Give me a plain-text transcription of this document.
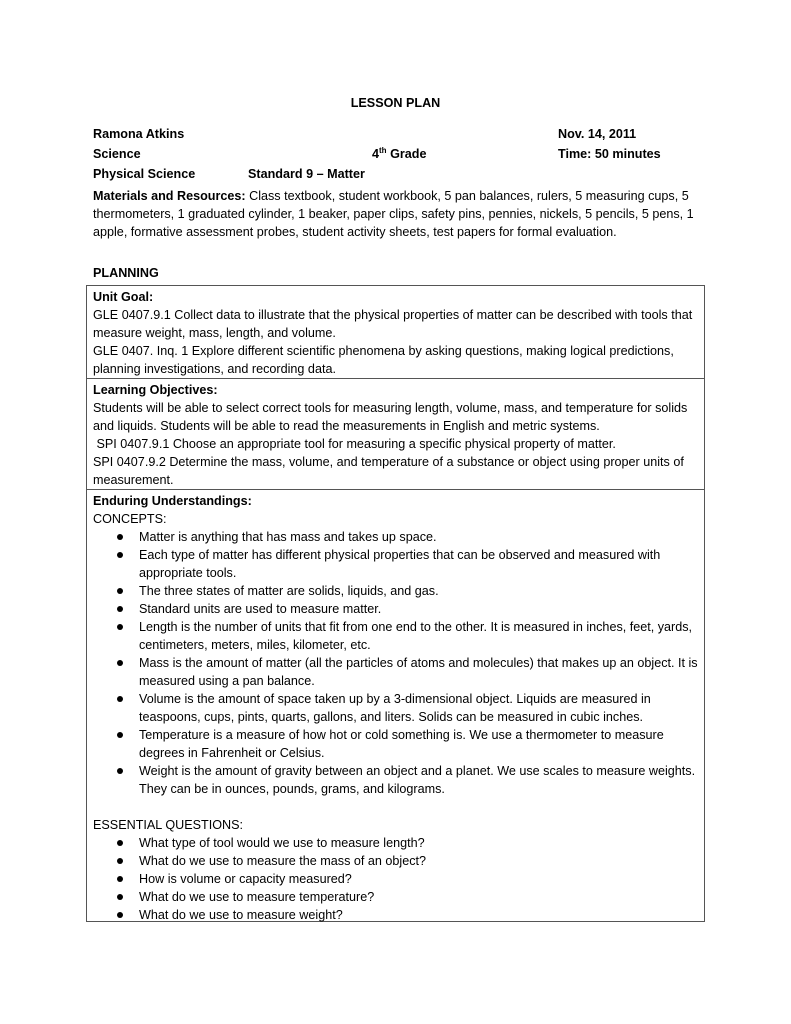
LESSON PLAN
Ramona Atkins	Nov. 14, 2011
Science	4th Grade	Time: 50 minutes
Physical Science	Standard 9 – Matter
Materials and Resources: Class textbook, student workbook, 5 pan balances, rulers, 5 measuring cups, 5 thermometers, 1 graduated cylinder, 1 beaker, paper clips, safety pins, pennies, nickels, 5 pencils, 5 pens, 1 apple, formative assessment probes, student activity sheets, test papers for formal evaluation.
PLANNING

Unit Goal:

GLE 0407.9.1 Collect data to illustrate that the physical properties of matter can be described with tools that measure weight, mass, length, and volume.

GLE 0407. Inq. 1 Explore different scientific phenomena by asking questions, making logical predictions, planning investigations, and recording data.

Learning Objectives:

Students will be able to select correct tools for measuring length, volume, mass, and temperature for solids and liquids. Students will be able to read the measurements in English and metric systems.

SPI 0407.9.1 Choose an appropriate tool for measuring a specific physical property of matter.

SPI 0407.9.2 Determine the mass, volume, and temperature of a substance or object using proper units of measurement.

Enduring Understandings:

CONCEPTS:

Matter is anything that has mass and takes up space.
Each type of matter has different physical properties that can be observed and measured with appropriate tools.
The three states of matter are solids, liquids, and gas.
Standard units are used to measure matter.
Length is the number of units that fit from one end to the other. It is measured in inches, feet, yards, centimeters, meters, miles, kilometer, etc.
Mass is the amount of matter (all the particles of atoms and molecules) that makes up an object. It is measured using a pan balance.
Volume is the amount of space taken up by a 3-dimensional object. Liquids are measured in teaspoons, cups, pints, quarts, gallons, and liters. Solids can be measured in cubic inches.
Temperature is a measure of how hot or cold something is. We use a thermometer to measure degrees in Fahrenheit or Celsius.
Weight is the amount of gravity between an object and a planet. We use scales to measure weights. They can be in ounces, pounds, grams, and kilograms.

ESSENTIAL QUESTIONS:

What type of tool would we use to measure length?
What do we use to measure the mass of an object?
How is volume or capacity measured?
What do we use to measure temperature?
What do we use to measure weight?
